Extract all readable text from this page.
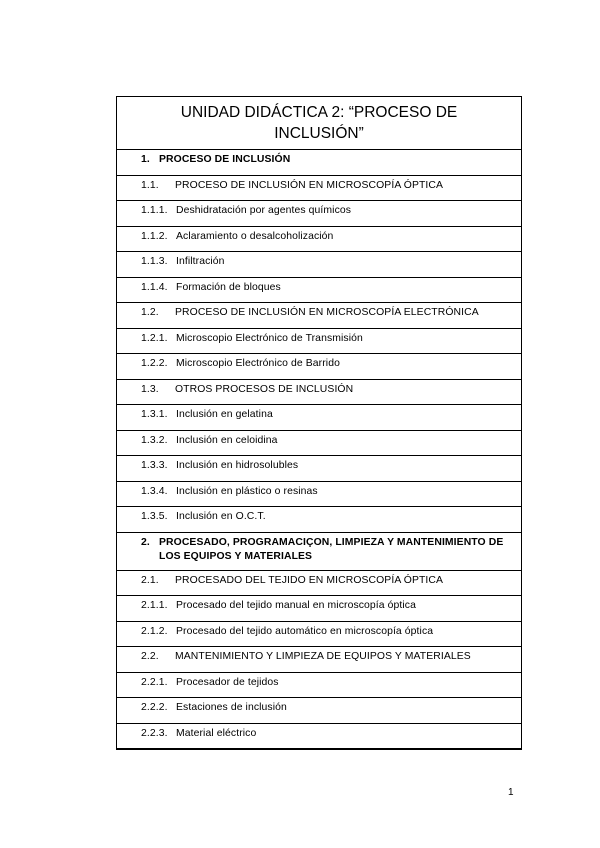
UNIDAD DIDÁCTICA 2: “PROCESO DE INCLUSIÓN”
1. PROCESO DE INCLUSIÓN
1.1.	PROCESO DE INCLUSIÓN EN MICROSCOPÍA ÓPTICA
1.1.1. Deshidratación por agentes químicos
1.1.2. Aclaramiento o desalcoholización
1.1.3. Infiltración
1.1.4. Formación de bloques
1.2.	PROCESO DE INCLUSIÓN EN MICROSCOPÍA ELECTRÓNICA
1.2.1. Microscopio Electrónico de Transmisión
1.2.2. Microscopio Electrónico de Barrido
1.3.	OTROS PROCESOS DE INCLUSIÓN
1.3.1. Inclusión en gelatina
1.3.2. Inclusión en celoidina
1.3.3. Inclusión en hidrosolubles
1.3.4. Inclusión en plástico o resinas
1.3.5. Inclusión en O.C.T.
2. PROCESADO, PROGRAMACIÇON, LIMPIEZA Y MANTENIMIENTO DE LOS EQUIPOS Y MATERIALES
2.1.	PROCESADO DEL TEJIDO EN MICROSCOPÍA ÓPTICA
2.1.1. Procesado del tejido manual en microscopía óptica
2.1.2. Procesado del tejido automático en microscopía óptica
2.2.	MANTENIMIENTO Y LIMPIEZA DE EQUIPOS Y MATERIALES
2.2.1. Procesador de tejidos
2.2.2. Estaciones de inclusión
2.2.3. Material eléctrico
1
